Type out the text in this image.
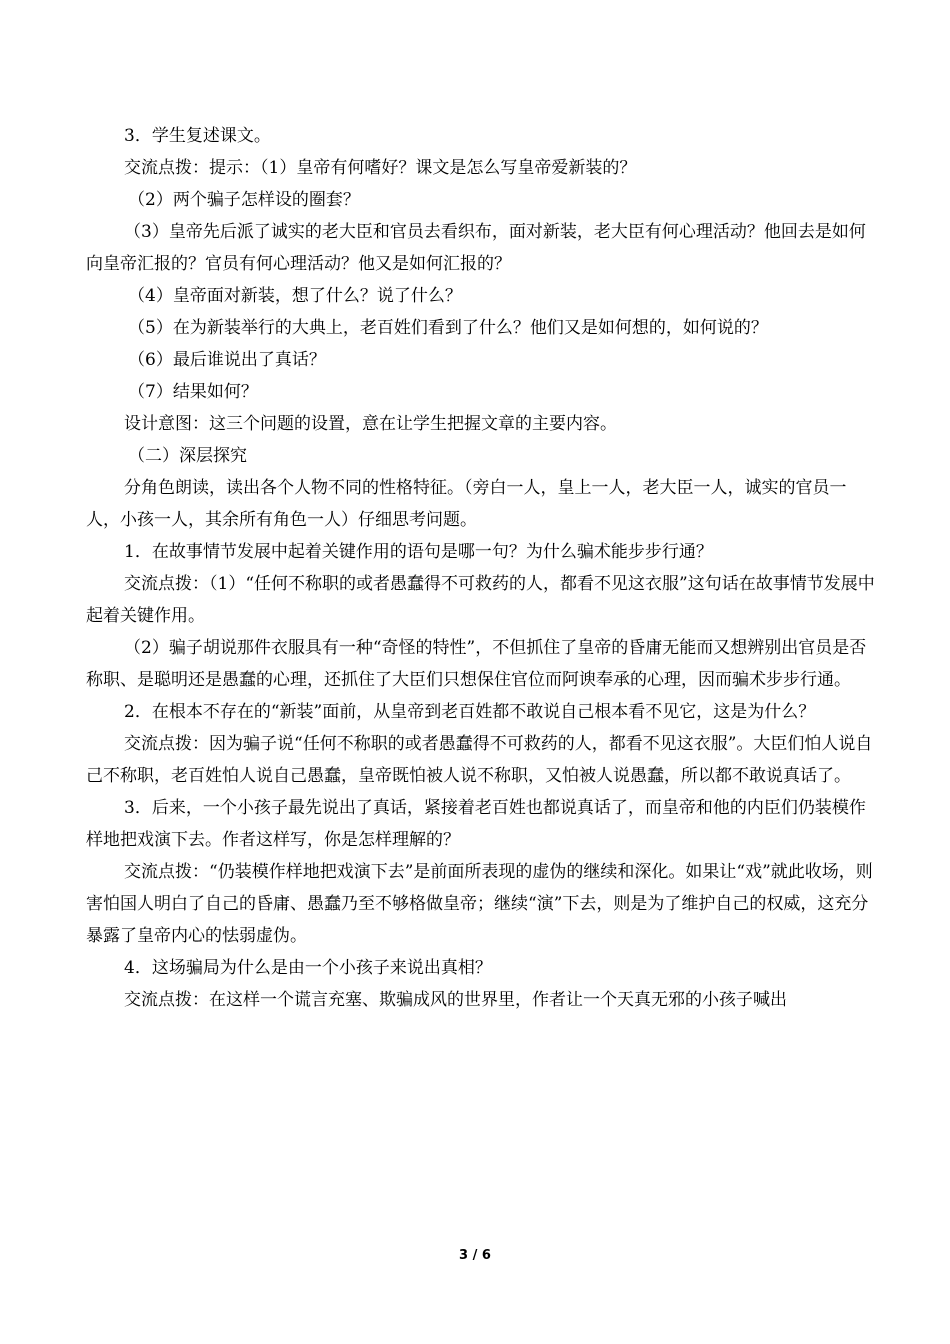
3．学生复述课文。

交流点拨：提示：（1）皇帝有何嗜好？课文是怎么写皇帝爱新装的？

（2）两个骗子怎样设的圈套？

（3）皇帝先后派了诚实的老大臣和官员去看织布，面对新装，老大臣有何心理活动？他回去是如何向皇帝汇报的？官员有何心理活动？他又是如何汇报的？

（4）皇帝面对新装，想了什么？说了什么？

（5）在为新装举行的大典上，老百姓们看到了什么？他们又是如何想的，如何说的？

（6）最后谁说出了真话？

（7）结果如何？

设计意图：这三个问题的设置，意在让学生把握文章的主要内容。

（二）深层探究

分角色朗读，读出各个人物不同的性格特征。（旁白一人，皇上一人，老大臣一人，诚实的官员一人，小孩一人，其余所有角色一人）仔细思考问题。

1．在故事情节发展中起着关键作用的语句是哪一句？为什么骗术能步步行通？

交流点拨：（1）“任何不称职的或者愚蠢得不可救药的人，都看不见这衣服”这句话在故事情节发展中起着关键作用。

（2）骗子胡说那件衣服具有一种“奇怪的特性”，不但抓住了皇帝的昏庸无能而又想辨别出官员是否称职、是聪明还是愚蠢的心理，还抓住了大臣们只想保住官位而阿谀奉承的心理，因而骗术步步行通。

2．在根本不存在的“新装”面前，从皇帝到老百姓都不敢说自己根本看不见它，这是为什么？

交流点拨：因为骗子说“任何不称职的或者愚蠢得不可救药的人，都看不见这衣服”。大臣们怕人说自己不称职，老百姓怕人说自己愚蠢，皇帝既怕被人说不称职，又怕被人说愚蠢，所以都不敢说真话了。

3．后来，一个小孩子最先说出了真话，紧接着老百姓也都说真话了，而皇帝和他的内臣们仍装模作样地把戏演下去。作者这样写，你是怎样理解的？

交流点拨：“仍装模作样地把戏演下去”是前面所表现的虚伪的继续和深化。如果让“戏”就此收场，则害怕国人明白了自己的昏庸、愚蠢乃至不够格做皇帝；继续“演”下去，则是为了维护自己的权威，这充分暴露了皇帝内心的怯弱虚伪。

4．这场骗局为什么是由一个小孩子来说出真相？

交流点拨：在这样一个谎言充塞、欺骗成风的世界里，作者让一个天真无邪的小孩子喊出

3 / 6
